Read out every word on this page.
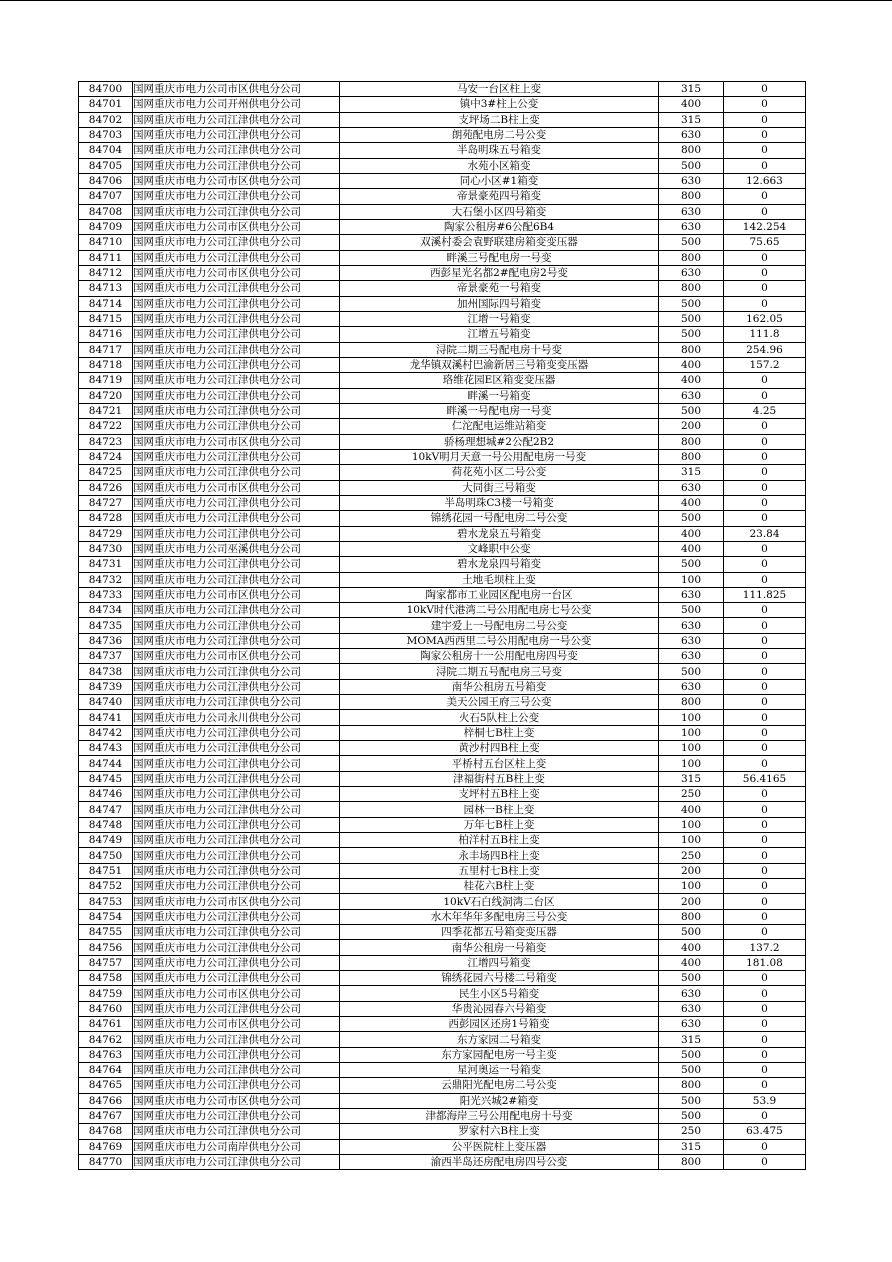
84700	国网重庆市电力公司市区供电分公司	马安一台区柱上变	315	0
84701	国网重庆市电力公司开州供电分公司	镇中3#柱上公变	400	0
84702	国网重庆市电力公司江津供电分公司	支坪场二B柱上变	315	0
84703	国网重庆市电力公司江津供电分公司	朗苑配电房二号公变	630	0
84704	国网重庆市电力公司江津供电分公司	半岛明珠五号箱变	800	0
84705	国网重庆市电力公司江津供电分公司	水苑小区箱变	500	0
84706	国网重庆市电力公司市区供电分公司	同心小区#1箱变	630	12.663
84707	国网重庆市电力公司江津供电分公司	帝景豪苑四号箱变	800	0
84708	国网重庆市电力公司江津供电分公司	大石堡小区四号箱变	630	0
84709	国网重庆市电力公司市区供电分公司	陶家公租房#6公配6B4	630	142.254
84710	国网重庆市电力公司江津供电分公司	双溪村委会袁野联建房箱变变压器	500	75.65
84711	国网重庆市电力公司江津供电分公司	畔溪三号配电房一号变	800	0
84712	国网重庆市电力公司市区供电分公司	西彭星光名都2#配电房2号变	630	0
84713	国网重庆市电力公司江津供电分公司	帝景豪苑一号箱变	800	0
84714	国网重庆市电力公司江津供电分公司	加州国际四号箱变	500	0
84715	国网重庆市电力公司江津供电分公司	江增一号箱变	500	162.05
84716	国网重庆市电力公司江津供电分公司	江增五号箱变	500	111.8
84717	国网重庆市电力公司江津供电分公司	浔院二期三号配电房十号变	800	254.96
84718	国网重庆市电力公司江津供电分公司	龙华镇双溪村巴渝新居三号箱变变压器	400	157.2
84719	国网重庆市电力公司江津供电分公司	珞维花园E区箱变变压器	400	0
84720	国网重庆市电力公司江津供电分公司	畔溪一号箱变	630	0
84721	国网重庆市电力公司江津供电分公司	畔溪一号配电房一号变	500	4.25
84722	国网重庆市电力公司江津供电分公司	仁沱配电运维站箱变	200	0
84723	国网重庆市电力公司市区供电分公司	骄杨理想城#2公配2B2	800	0
84724	国网重庆市电力公司江津供电分公司	10kV明月天意一号公用配电房一号变	800	0
84725	国网重庆市电力公司江津供电分公司	荷花苑小区二号公变	315	0
84726	国网重庆市电力公司市区供电分公司	大同街三号箱变	630	0
84727	国网重庆市电力公司江津供电分公司	半岛明珠C3楼一号箱变	400	0
84728	国网重庆市电力公司江津供电分公司	锦绣花园一号配电房二号公变	500	0
84729	国网重庆市电力公司江津供电分公司	碧水龙泉五号箱变	400	23.84
84730	国网重庆市电力公司巫溪供电分公司	文峰职中公变	400	0
84731	国网重庆市电力公司江津供电分公司	碧水龙泉四号箱变	500	0
84732	国网重庆市电力公司江津供电分公司	土地毛坝柱上变	100	0
84733	国网重庆市电力公司市区供电分公司	陶家都市工业园区配电房一台区	630	111.825
84734	国网重庆市电力公司江津供电分公司	10kV时代港湾二号公用配电房七号公变	500	0
84735	国网重庆市电力公司江津供电分公司	建宇爱上一号配电房二号公变	630	0
84736	国网重庆市电力公司江津供电分公司	MOMA西西里二号公用配电房一号公变	630	0
84737	国网重庆市电力公司市区供电分公司	陶家公租房十一公用配电房四号变	630	0
84738	国网重庆市电力公司江津供电分公司	浔院二期五号配电房三号变	500	0
84739	国网重庆市电力公司江津供电分公司	南华公租房五号箱变	630	0
84740	国网重庆市电力公司江津供电分公司	美天公园王府三号公变	800	0
84741	国网重庆市电力公司永川供电分公司	火石5队柱上公变	100	0
84742	国网重庆市电力公司江津供电分公司	梓桐七B柱上变	100	0
84743	国网重庆市电力公司江津供电分公司	黄沙村四B柱上变	100	0
84744	国网重庆市电力公司江津供电分公司	平桥村五台区柱上变	100	0
84745	国网重庆市电力公司江津供电分公司	津福街村五B柱上变	315	56.4165
84746	国网重庆市电力公司江津供电分公司	支坪村五B柱上变	250	0
84747	国网重庆市电力公司江津供电分公司	园林一B柱上变	400	0
84748	国网重庆市电力公司江津供电分公司	万年七B柱上变	100	0
84749	国网重庆市电力公司江津供电分公司	柏洋村五B柱上变	100	0
84750	国网重庆市电力公司江津供电分公司	永丰场四B柱上变	250	0
84751	国网重庆市电力公司江津供电分公司	五里村七B柱上变	200	0
84752	国网重庆市电力公司江津供电分公司	桂花六B柱上变	100	0
84753	国网重庆市电力公司市区供电分公司	10kV石白线洞湾二台区	200	0
84754	国网重庆市电力公司江津供电分公司	水木年华年多配电房三号公变	800	0
84755	国网重庆市电力公司江津供电分公司	四季花都五号箱变变压器	500	0
84756	国网重庆市电力公司江津供电分公司	南华公租房一号箱变	400	137.2
84757	国网重庆市电力公司江津供电分公司	江增四号箱变	400	181.08
84758	国网重庆市电力公司江津供电分公司	锦绣花园六号楼二号箱变	500	0
84759	国网重庆市电力公司市区供电分公司	民生小区5号箱变	630	0
84760	国网重庆市电力公司江津供电分公司	华贵沁园春六号箱变	630	0
84761	国网重庆市电力公司市区供电分公司	西彭园区还房1号箱变	630	0
84762	国网重庆市电力公司江津供电分公司	东方家园二号箱变	315	0
84763	国网重庆市电力公司江津供电分公司	东方家园配电房一号主变	500	0
84764	国网重庆市电力公司江津供电分公司	星河奥运一号箱变	500	0
84765	国网重庆市电力公司江津供电分公司	云鼎阳光配电房二号公变	800	0
84766	国网重庆市电力公司市区供电分公司	阳光兴城2#箱变	500	53.9
84767	国网重庆市电力公司江津供电分公司	津都海岸三号公用配电房十号变	500	0
84768	国网重庆市电力公司江津供电分公司	罗家村六B柱上变	250	63.475
84769	国网重庆市电力公司南岸供电分公司	公平医院柱上变压器	315	0
84770	国网重庆市电力公司江津供电分公司	渝西半岛还房配电房四号公变	800	0
